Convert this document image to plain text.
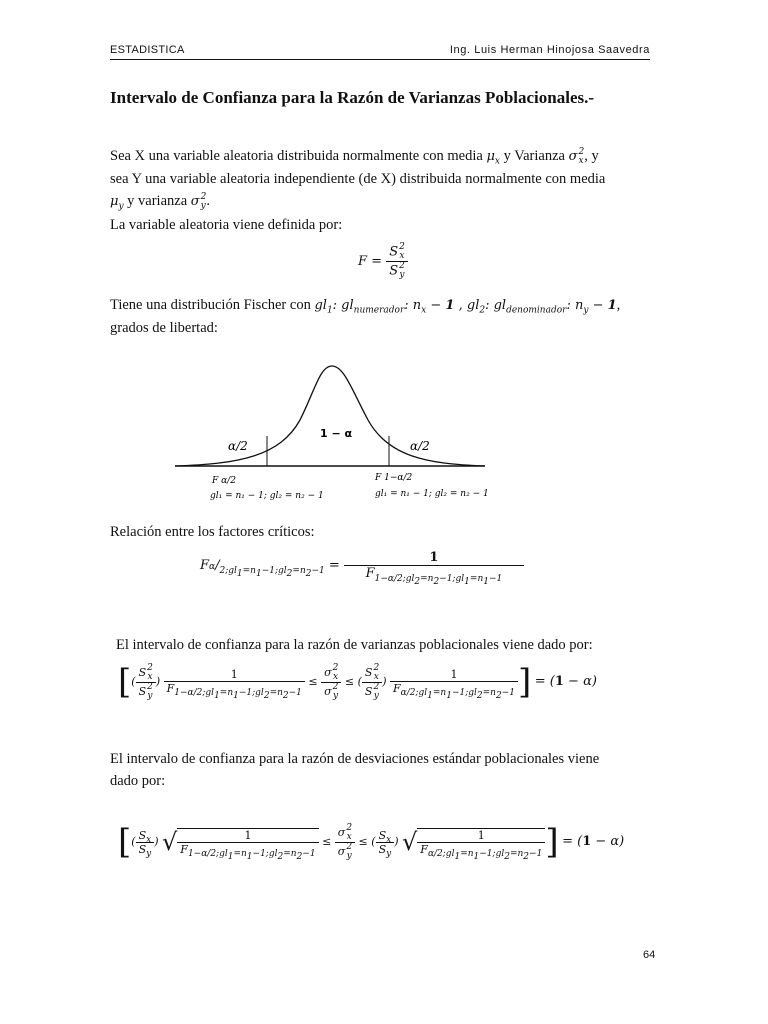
ESTADISTICA	Ing. Luis Herman Hinojosa Saavedra
Intervalo de Confianza para la Razón de Varianzas Poblacionales.-
Sea X una variable aleatoria distribuida normalmente con media $\mu_x$ y Varianza σ2
x, y
sea Y una variable aleatoria independiente (de X) distribuida normalmente con media
$\mu_y$ y varianza σ2
y.
La variable aleatoria viene definida por:
F =
S2
x
S2
y
Tiene una distribución Fischer con $gl_1$: $gl_{numerador}$: $n_x - 1$ , $gl_2$: $gl_{denominador}$: $n_y - 1$,
grados de libertad:
1 − α
α/2	α/2
F α/2
gl₁ = n₁ − 1; gl₂ = n₂ − 1
F 1−α/2
gl₁ = n₁ − 1; gl₂ = n₂ − 1
Relación entre los factores críticos:
$F\alpha/_{2;gl_1=n_1-1;gl_2=n_2-1} = \frac{1}{F_{1-\alpha/2;gl_2=n_2-1;gl_1=n_1-1}}$
El intervalo de confianza para la razón de varianzas poblacionales viene dado por:
[(
S2
x
S2
y
) $\frac{1}{F_{1-\alpha/2;gl_1=n_1-1;gl_2=n_2-1}}$ ≤
σ2
x
σ2
y
≤ (
S2
x
S2
y
) $\frac{1}{F_{\alpha/2;gl_1=n_1-1;gl_2=n_2-1}}$ ] = (1 − α)
El intervalo de confianza para la razón de desviaciones estándar poblacionales viene
dado por:
[( $\frac{S_x}{S_y}$ ) √ $\frac{1}{F_{1-\alpha/2;gl_1=n_1-1;gl_2=n_2-1}}$ ≤
σ2
x
σ2
y
≤ ( $\frac{S_x}{S_y}$ ) √ $\frac{1}{F_{\alpha/2;gl_1=n_1-1;gl_2=n_2-1}}$ ] = (1 − α)
64
